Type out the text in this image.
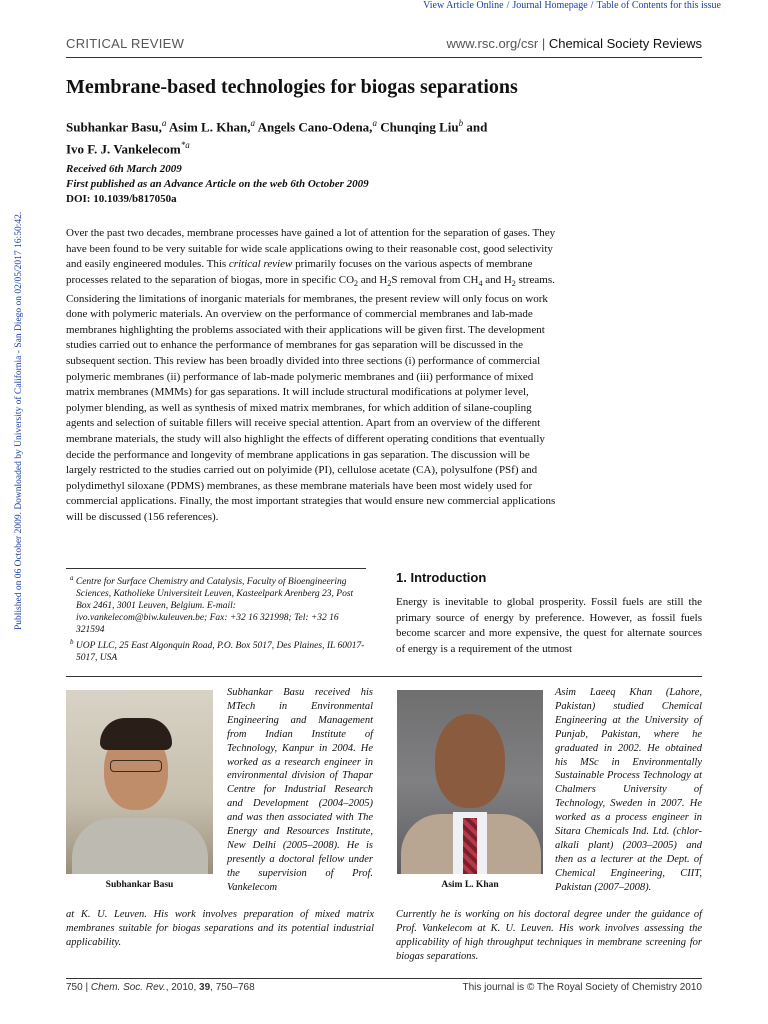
View Article Online / Journal Homepage / Table of Contents for this issue
Published on 06 October 2009. Downloaded by University of California - San Diego on 02/05/2017 16:50:42.
CRITICAL REVIEW	www.rsc.org/csr | Chemical Society Reviews
Membrane-based technologies for biogas separations
Subhankar Basu,$^a$ Asim L. Khan,$^a$ Angels Cano-Odena,$^a$ Chunqing Liu$^b$ and
Ivo F. J. Vankelecom$^{*a}$
Received 6th March 2009
First published as an Advance Article on the web 6th October 2009
DOI: 10.1039/b817050a

Over the past two decades, membrane processes have gained a lot of attention for the separation of gases. They have been found to be very suitable for wide scale applications owing to their reasonable cost, good selectivity and easily engineered modules. This critical review primarily focuses on the various aspects of membrane processes related to the separation of biogas, more in specific $CO_2$ and $H_2S$ removal from $CH_4$ and $H_2$ streams. Considering the limitations of inorganic materials for membranes, the present review will only focus on work done with polymeric materials. An overview on the performance of commercial membranes and lab-made membranes highlighting the problems associated with their applications will be given first. The development studies carried out to enhance the performance of membranes for gas separation will be discussed in the subsequent section. This review has been broadly divided into three sections (i) performance of commercial polymeric membranes (ii) performance of lab-made polymeric membranes and (iii) performance of mixed matrix membranes (MMMs) for gas separations. It will include structural modifications at polymer level, polymer blending, as well as synthesis of mixed matrix membranes, for which addition of silane-coupling agents and selection of suitable fillers will receive special attention. Apart from an overview of the different membrane materials, the study will also highlight the effects of different operating conditions that eventually decide the performance and longevity of membrane applications in gas separation. The discussion will be largely restricted to the studies carried out on polyimide (PI), cellulose acetate (CA), polysulfone (PSf) and polydimethyl siloxane (PDMS) membranes, as these membrane materials have been most widely used for commercial applications. Finally, the most important strategies that would ensure new commercial applications will be discussed (156 references).

$^a$ Centre for Surface Chemistry and Catalysis, Faculty of Bioengineering Sciences, Katholieke Universiteit Leuven, Kasteelpark Arenberg 23, Post Box 2461, 3001 Leuven, Belgium. E-mail: ivo.vankelecom@biw.kuleuven.be; Fax: +32 16 321998; Tel: +32 16 321594
$^b$ UOP LLC, 25 East Algonquin Road, P.O. Box 5017, Des Plaines, IL 60017-5017, USA
1. Introduction
Energy is inevitable to global prosperity. Fossil fuels are still the primary source of energy by preference. However, as fossil fuels become scarcer and more expensive, the quest for alternate sources of energy is a requirement of the utmost
Subhankar Basu
Subhankar Basu received his MTech in Environmental Engineering and Management from Indian Institute of Technology, Kanpur in 2004. He worked as a research engineer in environmental division of Thapar Centre for Industrial Research and Development (2004–2005) and was then associated with The Energy and Resources Institute, New Delhi (2005–2008). He is presently a doctoral fellow under the supervision of Prof. Vankelecom
at K. U. Leuven. His work involves preparation of mixed matrix membranes suitable for biogas separations and its potential industrial applicability.
Asim L. Khan
Asim Laeeq Khan (Lahore, Pakistan) studied Chemical Engineering at the University of Punjab, Pakistan, where he graduated in 2002. He obtained his MSc in Environmentally Sustainable Process Technology at Chalmers University of Technology, Sweden in 2007. He worked as a process engineer in Sitara Chemicals Ind. Ltd. (chlor-alkali plant) (2003–2005) and then as a lecturer at the Dept. of Chemical Engineering, CIIT, Pakistan (2007–2008).
Currently he is working on his doctoral degree under the guidance of Prof. Vankelecom at K. U. Leuven. His work involves assessing the applicability of high throughput techniques in membrane screening for biogas separations.
750 | Chem. Soc. Rev., 2010, 39, 750–768	This journal is © The Royal Society of Chemistry 2010
